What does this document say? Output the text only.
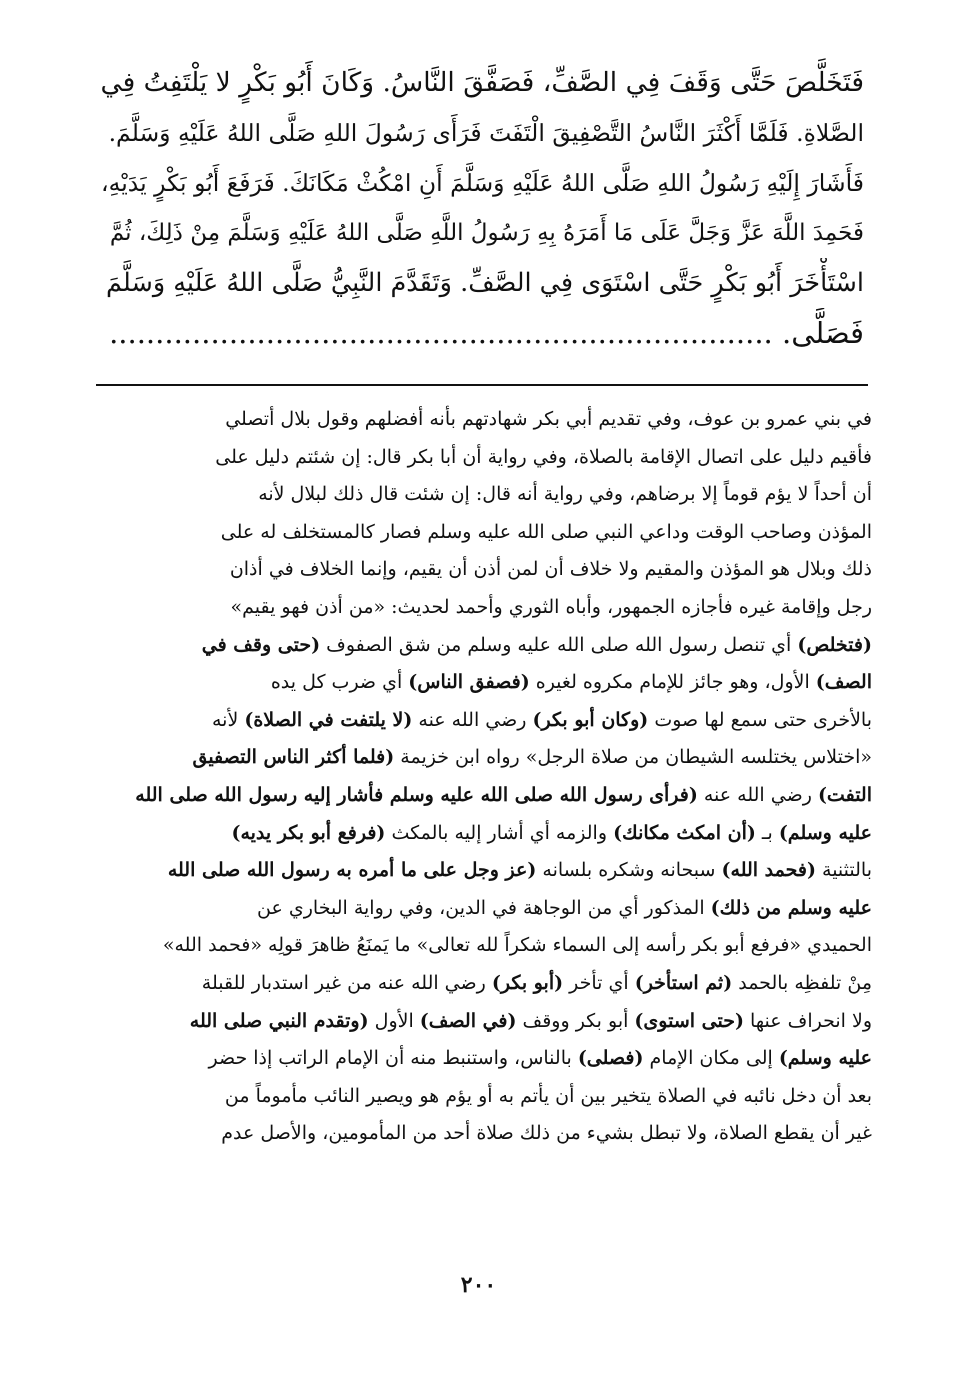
فَتَخَلَّصَ حَتَّى وَقَفَ فِي الصَّفِّ، فَصَفَّقَ النَّاسُ. وَكَانَ أَبُو بَكْرٍ لا يَلْتَفِتُ فِي
الصَّلاةِ. فَلَمَّا أَكْثَرَ النَّاسُ التَّصْفِيقَ الْتَفَتَ فَرَأَى رَسُولَ اللهِ صَلَّى اللهُ عَلَيْهِ وَسَلَّمَ.
فَأَشَارَ إِلَيْهِ رَسُولُ اللهِ صَلَّى اللهُ عَلَيْهِ وَسَلَّمَ أَنِ امْكُثْ مَكَانَكَ. فَرَفَعَ أَبُو بَكْرٍ يَدَيْهِ،
فَحَمِدَ اللَّهَ عَزَّ وَجَلَّ عَلَى مَا أَمَرَهُ بِهِ رَسُولُ اللَّهِ صَلَّى اللهُ عَلَيْهِ وَسَلَّمَ مِنْ ذَلِكَ، ثُمَّ
اسْتَأْخَرَ أَبُو بَكْرٍ حَتَّى اسْتَوَى فِي الصَّفِّ. وَتَقَدَّمَ النَّبِيُّ صَلَّى اللهُ عَلَيْهِ وَسَلَّمَ
فَصَلَّى. ........................................................................
في بني عمرو بن عوف، وفي تقديم أبي بكر شهادتهم بأنه أفضلهم وقول بلال أتصلي
فأقيم دليل على اتصال الإقامة بالصلاة، وفي رواية أن أبا بكر قال: إن شئتم دليل على
أن أحداً لا يؤم قوماً إلا برضاهم، وفي رواية أنه قال: إن شئت قال ذلك لبلال لأنه
المؤذن وصاحب الوقت وداعي النبي صلى الله عليه وسلم فصار كالمستخلف له على
ذلك وبلال هو المؤذن والمقيم ولا خلاف أن لمن أذن أن يقيم، وإنما الخلاف في أذان
رجل وإقامة غيره فأجازه الجمهور، وأباه الثوري وأحمد لحديث: «من أذن فهو يقيم»
(فتخلص) أي تنصل رسول الله صلى الله عليه وسلم من شق الصفوف (حتى وقف في
الصف) الأول، وهو جائز للإمام مكروه لغيره (فصفق الناس) أي ضرب كل يده
بالأخرى حتى سمع لها صوت (وكان أبو بكر) رضي الله عنه (لا يلتفت في الصلاة) لأنه
«اختلاس يختلسه الشيطان من صلاة الرجل» رواه ابن خزيمة (فلما أكثر الناس التصفيق
التفت) رضي الله عنه (فرأى رسول الله صلى الله عليه وسلم فأشار إليه رسول الله صلى الله
عليه وسلم) بـ (أن امكث مكانك) والزمه أي أشار إليه بالمكث (فرفع أبو بكر يديه)
بالتثنية (فحمد الله) سبحانه وشكره بلسانه (عز وجل على ما أمره به رسول الله صلى الله
عليه وسلم من ذلك) المذكور أي من الوجاهة في الدين، وفي رواية البخاري عن
الحميدي «فرفع أبو بكر رأسه إلى السماء شكراً لله تعالى» ما يَمنَعُ ظاهرَ قولِه «فحمد الله»
مِنْ تلفظِه بالحمد (ثم استأخر) أي تأخر (أبو بكر) رضي الله عنه من غير استدبار للقبلة
ولا انحراف عنها (حتى استوى) أبو بكر ووقف (في الصف) الأول (وتقدم النبي صلى الله
عليه وسلم) إلى مكان الإمام (فصلى) بالناس، واستنبط منه أن الإمام الراتب إذا حضر
بعد أن دخل نائبه في الصلاة يتخير بين أن يأتم به أو يؤم هو ويصير النائب مأموماً من
غير أن يقطع الصلاة، ولا تبطل بشيء من ذلك صلاة أحد من المأمومين، والأصل عدم
٢٠٠
